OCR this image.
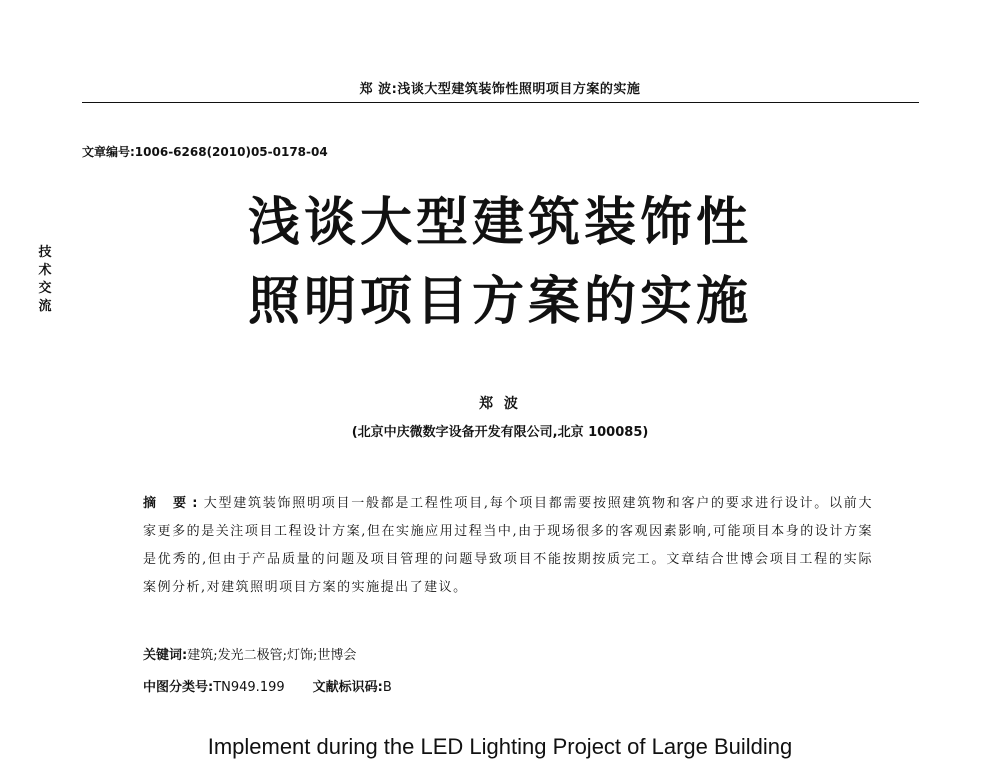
郑 波:浅谈大型建筑装饰性照明项目方案的实施
文章编号:1006-6268(2010)05-0178-04
技
术
交
流
浅谈大型建筑装饰性
照明项目方案的实施
郑 波
(北京中庆微数字设备开发有限公司,北京 100085)
摘 要:大型建筑装饰照明项目一般都是工程性项目,每个项目都需要按照建筑物和客户的要求进行设计。以前大家更多的是关注项目工程设计方案,但在实施应用过程当中,由于现场很多的客观因素影响,可能项目本身的设计方案是优秀的,但由于产品质量的问题及项目管理的问题导致项目不能按期按质完工。文章结合世博会项目工程的实际案例分析,对建筑照明项目方案的实施提出了建议。
关键词:建筑;发光二极管;灯饰;世博会
中图分类号:TN949.199 文献标识码:B
Implement during the LED Lighting Project of Large Building
